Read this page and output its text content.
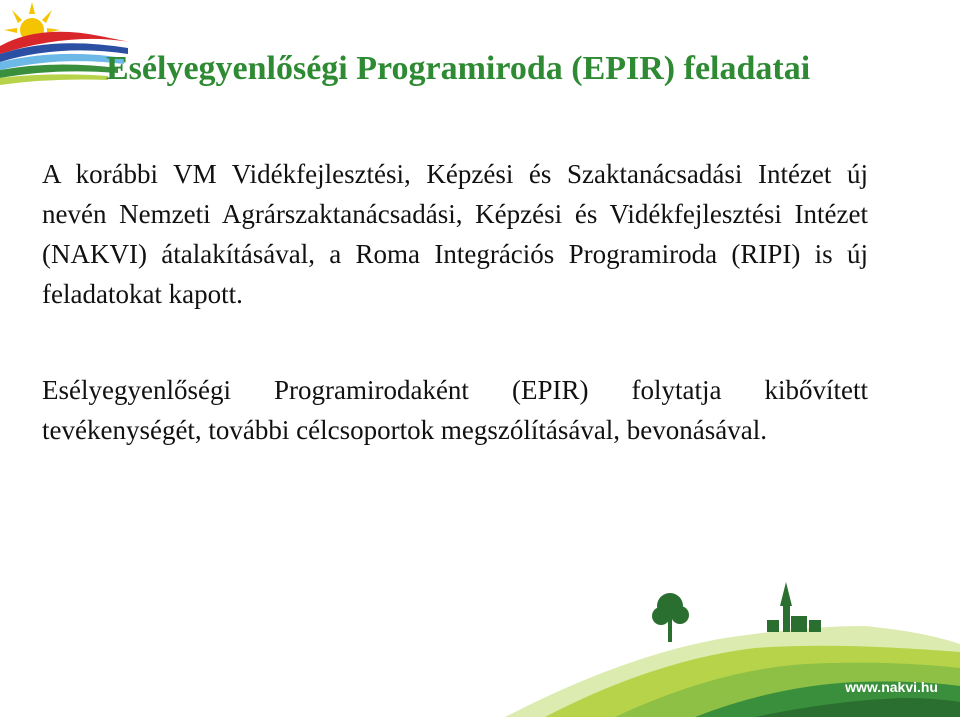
Esélyegyenlőségi Programiroda (EPIR) feladatai

A korábbi VM Vidékfejlesztési, Képzési és Szaktanácsadási Intézet új nevén Nemzeti Agrárszaktanácsadási, Képzési és Vidékfejlesztési Intézet (NAKVI) átalakításával, a Roma Integrációs Programiroda (RIPI) is új feladatokat kapott.

Esélyegyenlőségi Programirodaként (EPIR) folytatja kibővített tevékenységét, további célcsoportok megszólításával, bevonásával.

www.nakvi.hu
